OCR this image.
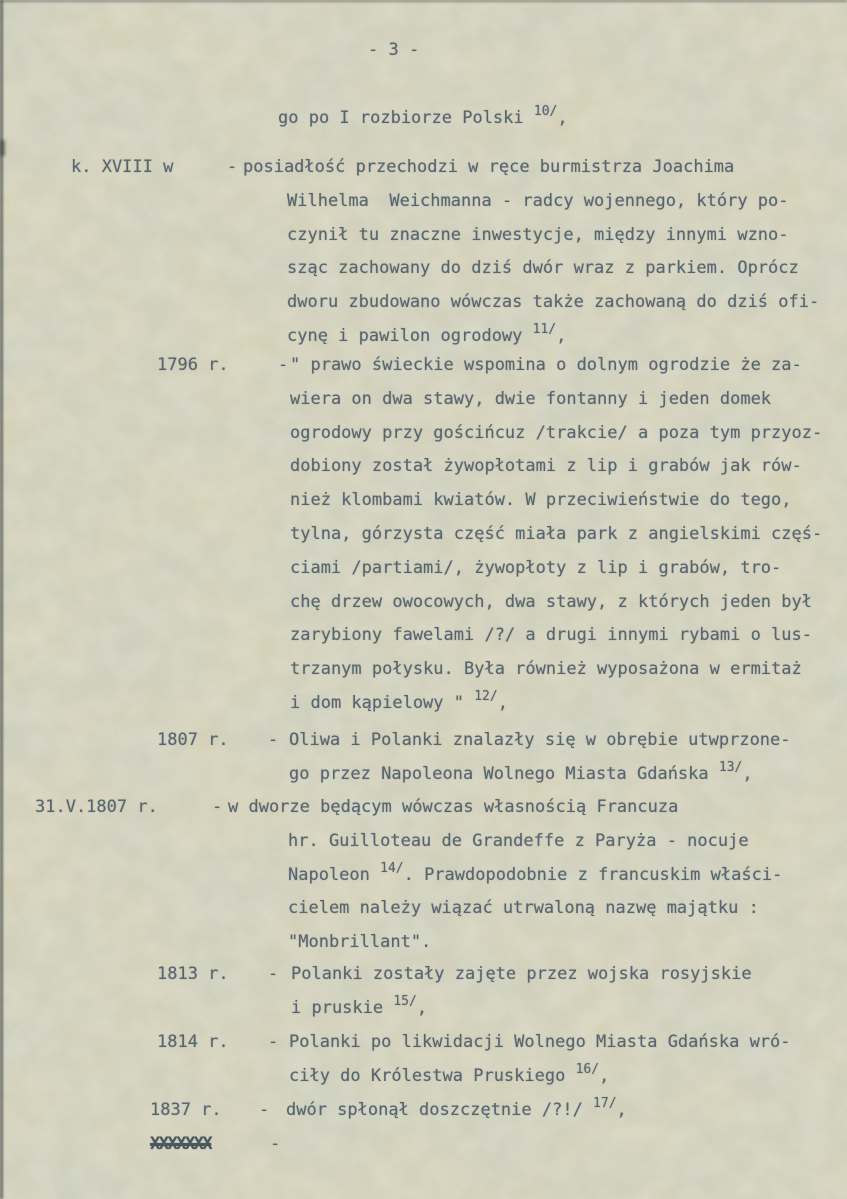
- 3 -
go po I rozbiorze Polski $^{10/}$,
k. XVIII w	- posiadłość przechodzi w ręce burmistrza Joachima
Wilhelma  Weichmanna - radcy wojennego, który po-
czynił tu znaczne inwestycje, między innymi wzno-
sząc zachowany do dziś dwór wraz z parkiem. Oprócz
dworu zbudowano wówczas także zachowaną do dziś ofi-
cynę i pawilon ogrodowy $^{11/}$,
1796 r.	- " prawo świeckie wspomina o dolnym ogrodzie że za-
wiera on dwa stawy, dwie fontanny i jeden domek
ogrodowy przy gościńcuz /trakcie/ a poza tym przyoz-
dobiony został żywopłotami z lip i grabów jak rów-
nież klombami kwiatów. W przeciwieństwie do tego,
tylna, górzysta część miała park z angielskimi częś-
ciami /partiami/, żywopłoty z lip i grabów, tro-
chę drzew owocowych, dwa stawy, z których jeden był
zarybiony fawelami /?/ a drugi innymi rybami o lus-
trzanym połysku. Była również wyposażona w ermitaż
i dom kąpielowy " $^{12/}$,
1807 r. - Oliwa i Polanki znalazły się w obrębie utwprzone-
go przez Napoleona Wolnego Miasta Gdańska $^{13/}$,
31.V.1807 r.	- w dworze będącym wówczas własnością Francuza
hr. Guilloteau de Grandeffe z Paryża - nocuje
Napoleon $^{14/}$. Prawdopodobnie z francuskim właści-
cielem należy wiązać utrwaloną nazwę majątku :
"Monbrillant".
1813 r. - Polanki zostały zajęte przez wojska rosyjskie
i pruskie $^{15/}$,
1814 r. - Polanki po likwidacji Wolnego Miasta Gdańska wró-
ciły do Królestwa Pruskiego $^{16/}$,
1837 r. - dwór spłonął doszczętnie /?!/ $^{17/}$,
XXXXXXX	-
